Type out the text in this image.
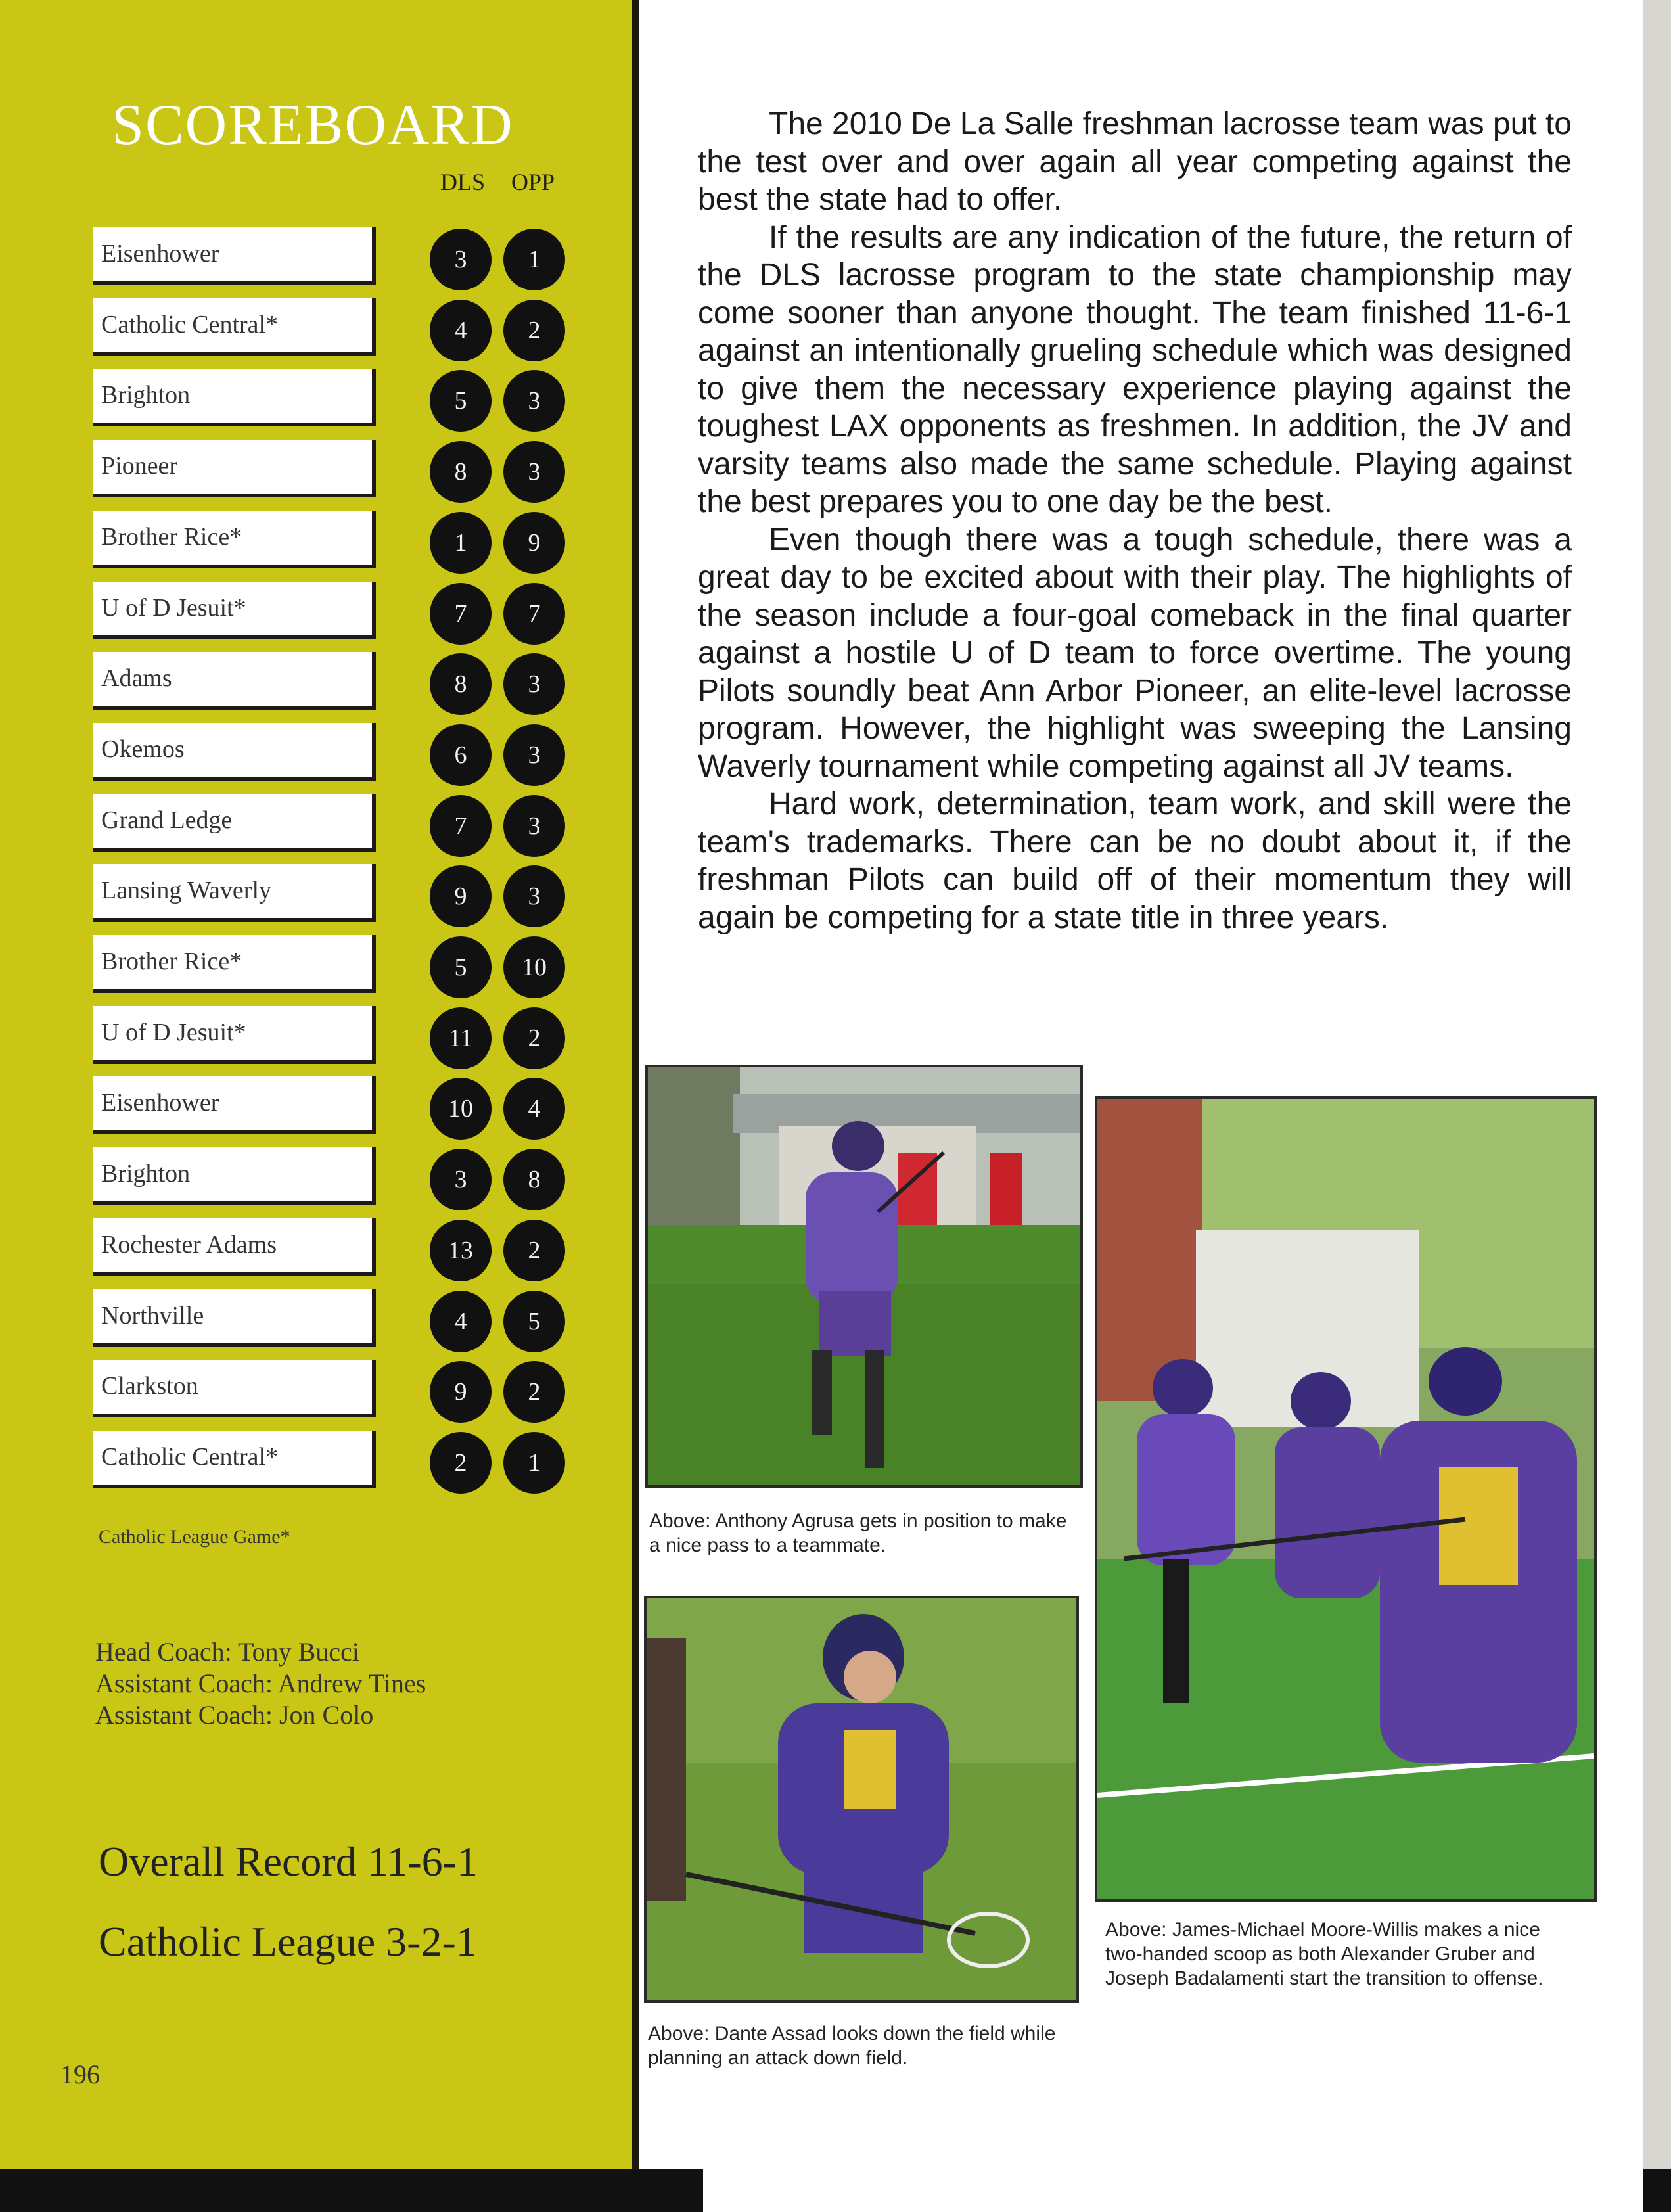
SCOREBOARD
DLS OPP
Eisenhower	3	1
Catholic Central*	4	2
Brighton	5	3
Pioneer	8	3
Brother Rice*	1	9
U of D Jesuit*	7	7
Adams	8	3
Okemos	6	3
Grand Ledge	7	3
Lansing Waverly	9	3
Brother Rice*	5	10
U of D Jesuit*	11	2
Eisenhower	10	4
Brighton	3	8
Rochester Adams	13	2
Northville	4	5
Clarkston	9	2
Catholic Central*	2	1
Catholic League Game*
Head Coach: Tony Bucci
Assistant Coach: Andrew Tines
Assistant Coach: Jon Colo
Overall Record 11-6-1
Catholic League 3-2-1
196

The 2010 De La Salle freshman lacrosse team was put to the test over and over again all year competing against the best the state had to offer.

If the results are any indication of the future, the return of the DLS lacrosse program to the state championship may come sooner than anyone thought. The team finished 11-6-1 against an intentionally grueling schedule which was designed to give them the necessary experience playing against the toughest LAX opponents as freshmen. In addition, the JV and varsity teams also made the same schedule. Playing against the best prepares you to one day be the best.

Even though there was a tough schedule, there was a great day to be excited about with their play. The highlights of the season include a four-goal comeback in the final quarter against a hostile U of D team to force overtime. The young Pilots soundly beat Ann Arbor Pioneer, an elite-level lacrosse program. However, the highlight was sweeping the Lansing Waverly tournament while competing against all JV teams.

Hard work, determination, team work, and skill were the team's trademarks. There can be no doubt about it, if the freshman Pilots can build off of their momentum they will again be competing for a state title in three years.

Above: Anthony Agrusa gets in position to make a nice pass to a teammate.
Above: Dante Assad looks down the field while planning an attack down field.
Above: James-Michael Moore-Willis makes a nice two-handed scoop as both Alexander Gruber and Joseph Badalamenti start the transition to offense.
